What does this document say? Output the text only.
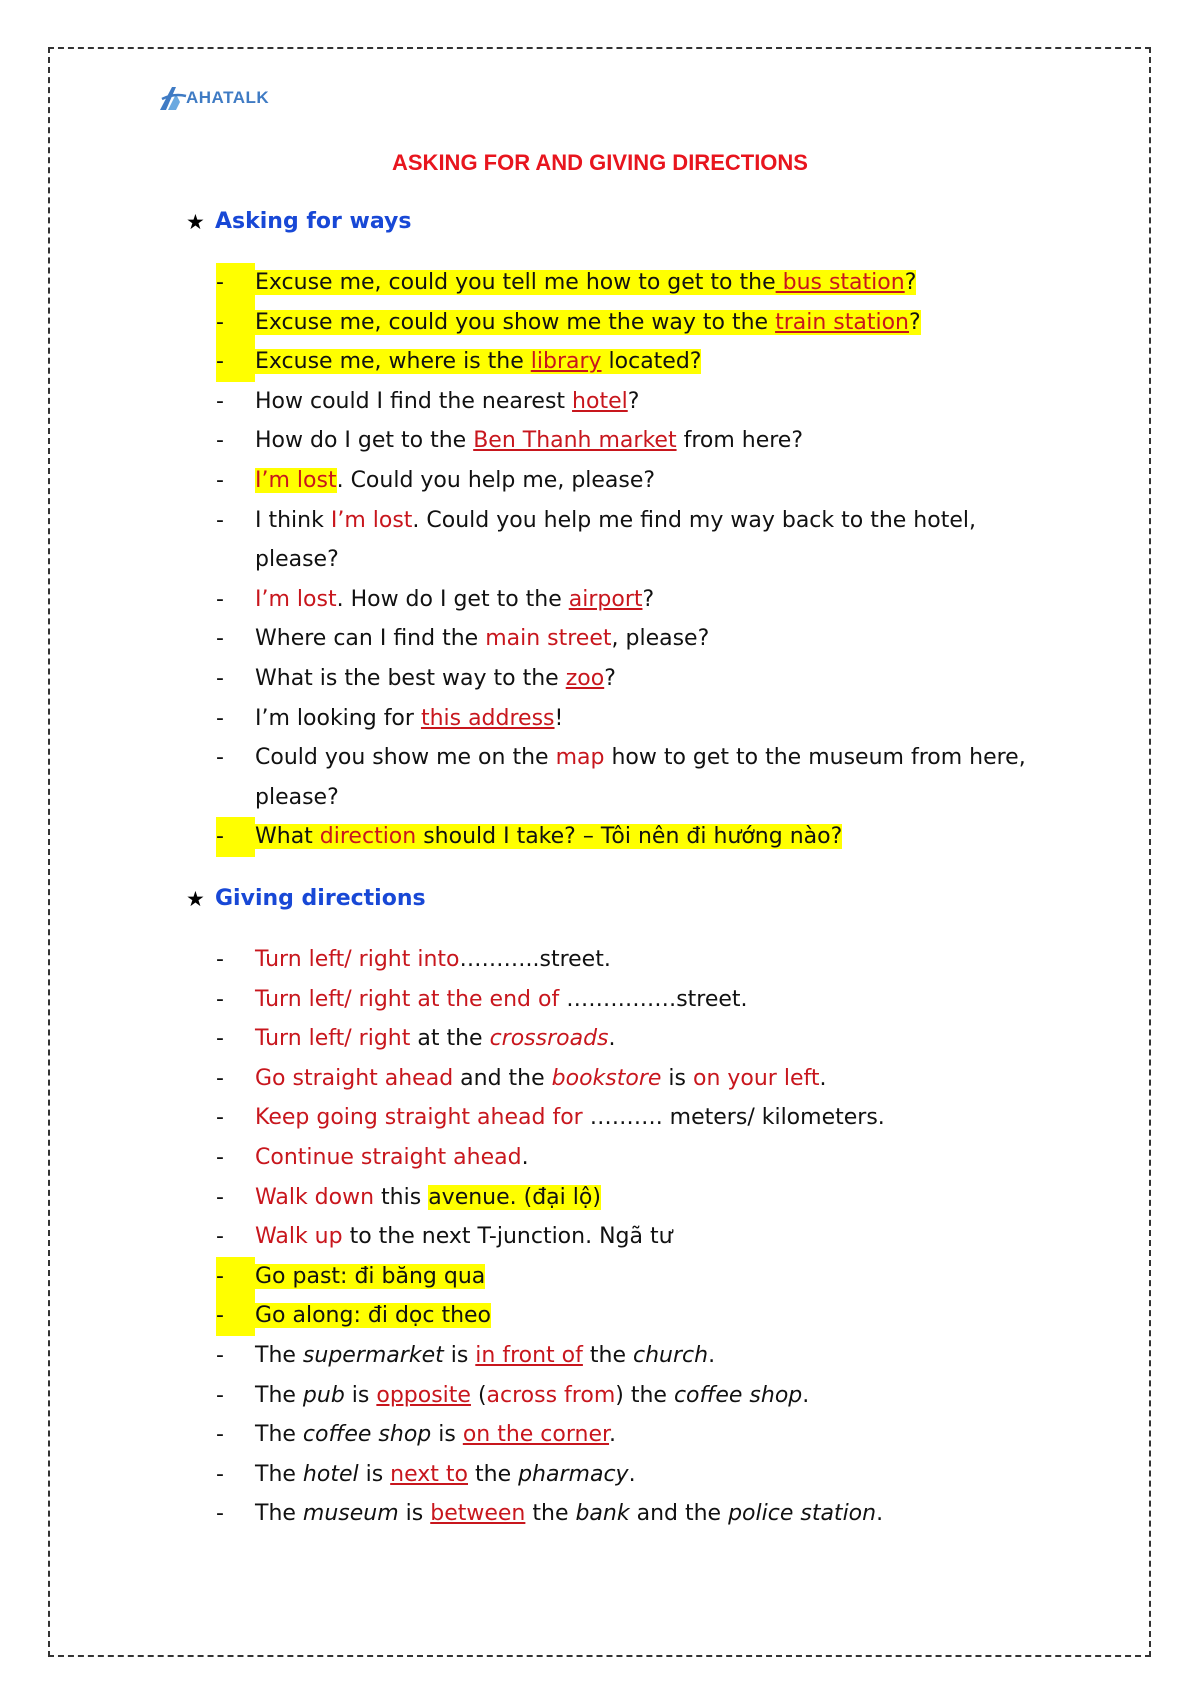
AHATALK
ASKING FOR AND GIVING DIRECTIONS
★ Asking for ways
-	Excuse me, could you tell me how to get to the bus station?
-	Excuse me, could you show me the way to the train station?
-	Excuse me, where is the library located?
-	How could I find the nearest hotel?
-	How do I get to the Ben Thanh market from here?
-	I’m lost. Could you help me, please?
-	I think I’m lost. Could you help me find my way back to the hotel, please?
-	I’m lost. How do I get to the airport?
-	Where can I find the main street, please?
-	What is the best way to the zoo?
-	I’m looking for this address!
-	Could you show me on the map how to get to the museum from here, please?
-	What direction should I take? – Tôi nên đi hướng nào?
★ Giving directions
-	Turn left/ right into………..street.
-	Turn left/ right at the end of ……………street.
-	Turn left/ right at the crossroads.
-	Go straight ahead and the bookstore is on your left.
-	Keep going straight ahead for ………. meters/ kilometers.
-	Continue straight ahead.
-	Walk down this avenue. (đại lộ)
-	Walk up to the next T-junction. Ngã tư
-	Go past: đi băng qua
-	Go along: đi dọc theo
-	The supermarket is in front of the church.
-	The pub is opposite (across from) the coffee shop.
-	The coffee shop is on the corner.
-	The hotel is next to the pharmacy.
-	The museum is between the bank and the police station.
